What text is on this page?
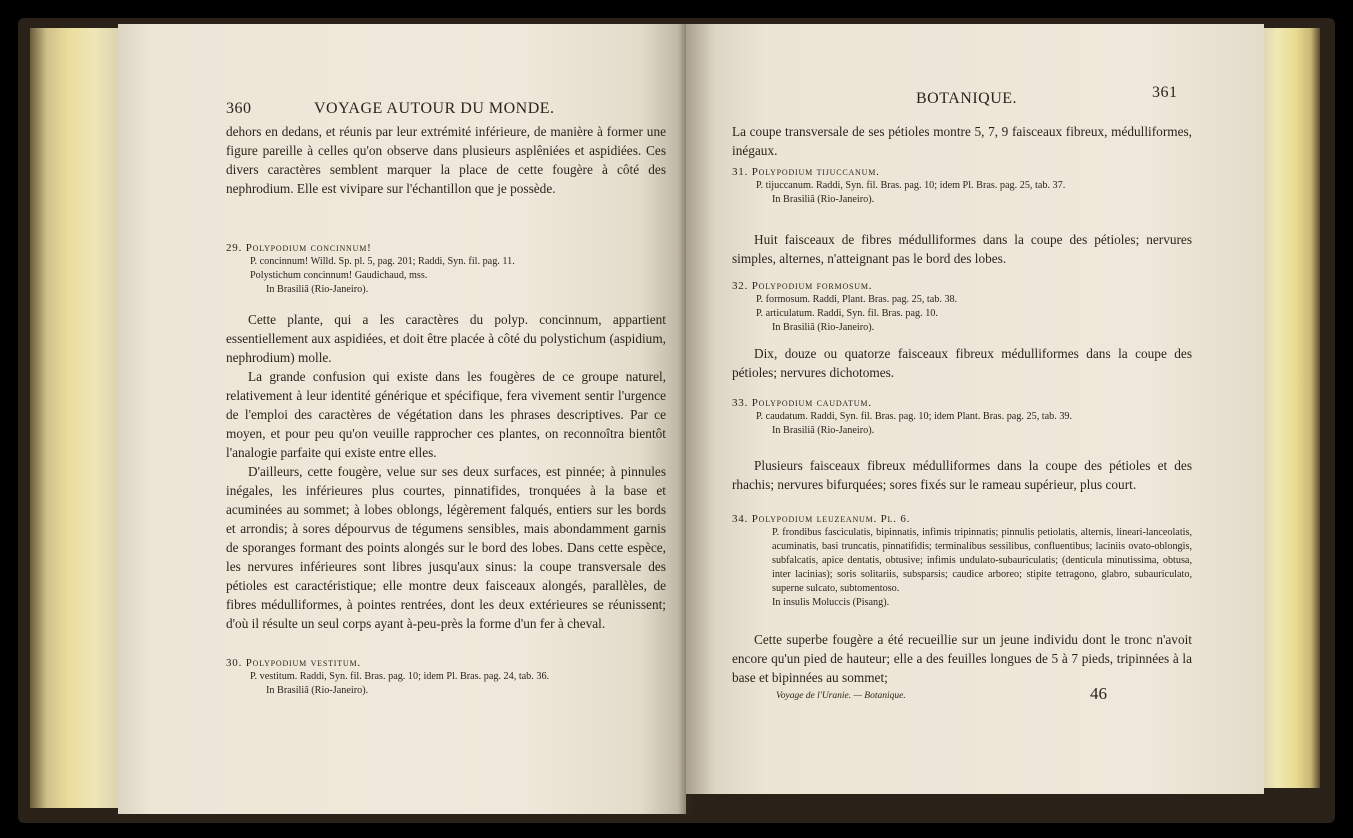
360	VOYAGE AUTOUR DU MONDE.
dehors en dedans, et réunis par leur extrémité inférieure, de manière à former une figure pareille à celles qu'on observe dans plusieurs asplêniées et aspidiées. Ces divers caractères semblent marquer la place de cette fougère à côté des nephrodium. Elle est vivipare sur l'échantillon que je possède.

29. Polypodium concinnum!

P. concinnum! Willd. Sp. pl. 5, pag. 201; Raddi, Syn. fil. pag. 11.

Polystichum concinnum! Gaudichaud, mss.

In Brasiliâ (Rio-Janeiro).

Cette plante, qui a les caractères du polyp. concinnum, appartient essentiellement aux aspidiées, et doit être placée à côté du polystichum (aspidium, nephrodium) molle.

La grande confusion qui existe dans les fougères de ce groupe naturel, relativement à leur identité générique et spécifique, fera vivement sentir l'urgence de l'emploi des caractères de végétation dans les phrases descriptives. Par ce moyen, et pour peu qu'on veuille rapprocher ces plantes, on reconnoîtra bientôt l'analogie parfaite qui existe entre elles.

D'ailleurs, cette fougère, velue sur ses deux surfaces, est pinnée; à pinnules inégales, les inférieures plus courtes, pinnatifides, tronquées à la base et acuminées au sommet; à lobes oblongs, légèrement falqués, entiers sur les bords et arrondis; à sores dépourvus de tégumens sensibles, mais abondamment garnis de sporanges formant des points alongés sur le bord des lobes. Dans cette espèce, les nervures inférieures sont libres jusqu'aux sinus: la coupe transversale des pétioles est caractéristique; elle montre deux faisceaux alongés, parallèles, de fibres médulliformes, à pointes rentrées, dont les deux extérieures se réunissent; d'où il résulte un seul corps ayant à-peu-près la forme d'un fer à cheval.

30. Polypodium vestitum.

P. vestitum. Raddi, Syn. fil. Bras. pag. 10; idem Pl. Bras. pag. 24, tab. 36.

In Brasiliâ (Rio-Janeiro).

BOTANIQUE.	361
La coupe transversale de ses pétioles montre 5, 7, 9 faisceaux fibreux, médulliformes, inégaux.

31. Polypodium tijuccanum.

P. tijuccanum. Raddi, Syn. fil. Bras. pag. 10; idem Pl. Bras. pag. 25, tab. 37.

In Brasiliâ (Rio-Janeiro).

Huit faisceaux de fibres médulliformes dans la coupe des pétioles; nervures simples, alternes, n'atteignant pas le bord des lobes.

32. Polypodium formosum.

P. formosum. Raddi, Plant. Bras. pag. 25, tab. 38.

P. articulatum. Raddi, Syn. fil. Bras. pag. 10.

In Brasiliâ (Rio-Janeiro).

Dix, douze ou quatorze faisceaux fibreux médulliformes dans la coupe des pétioles; nervures dichotomes.

33. Polypodium caudatum.

P. caudatum. Raddi, Syn. fil. Bras. pag. 10; idem Plant. Bras. pag. 25, tab. 39.

In Brasiliâ (Rio-Janeiro).

Plusieurs faisceaux fibreux médulliformes dans la coupe des pétioles et des rhachis; nervures bifurquées; sores fixés sur le rameau supérieur, plus court.

34. Polypodium leuzeanum. Pl. 6.

P. frondibus fasciculatis, bipinnatis, infimis tripinnatis; pinnulis petiolatis, alternis, lineari-lanceolatis, acuminatis, basi truncatis, pinnatifidis; terminalibus sessilibus, confluentibus; laciniis ovato-oblongis, subfalcatis, apice dentatis, obtusive; infimis undulato-subauriculatis; (denticula minutissima, obtusa, inter lacinias); soris solitariis, subsparsis; caudice arboreo; stipite tetragono, glabro, subauriculato, superne sulcato, subtomentoso.

In insulis Moluccis (Pisang).

Cette superbe fougère a été recueillie sur un jeune individu dont le tronc n'avoit encore qu'un pied de hauteur; elle a des feuilles longues de 5 à 7 pieds, tripinnées à la base et bipinnées au sommet;

Voyage de l'Uranie. — Botanique.	46
